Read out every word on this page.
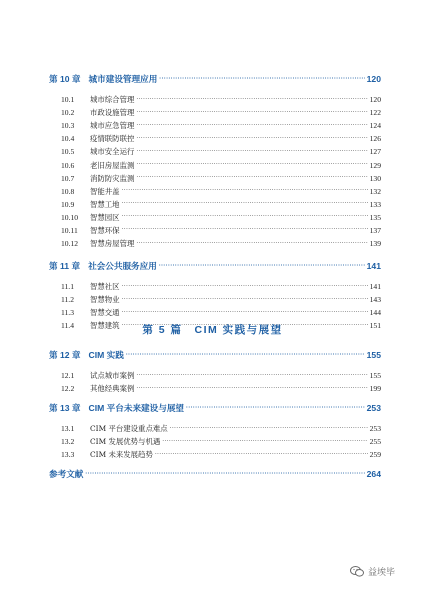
第 10 章 城市建设管理应用 ·····	120
10.1	城市综合管理 ·····	120
10.2	市政设施管理 ·····	122
10.3	城市应急管理 ·····	124
10.4	疫情联防联控 ·····	126
10.5	城市安全运行 ·····	127
10.6	老旧房屋监测 ·····	129
10.7	消防防灾监测 ·····	130
10.8	智能井盖 ·····	132
10.9	智慧工地 ·····	133
10.10	智慧园区 ·····	135
10.11	智慧环保 ·····	137
10.12	智慧房屋管理 ·····	139
第 11 章 社会公共服务应用 ·····	141
11.1	智慧社区 ·····	141
11.2	智慧物业 ·····	143
11.3	智慧交通 ·····	144
11.4	智慧建筑 ·····	151
第 5 篇　CIM 实践与展望
第 12 章 CIM 实践 ·····	155
12.1	试点城市案例 ·····	155
12.2	其他经典案例 ·····	199
第 13 章 CIM 平台未来建设与展望 ·····	253
13.1	CIM 平台建设重点难点 ·····	253
13.2	CIM 发展优势与机遇 ·····	255
13.3	CIM 未来发展趋势 ·····	259
参考文献 ·····	264
益埃毕
